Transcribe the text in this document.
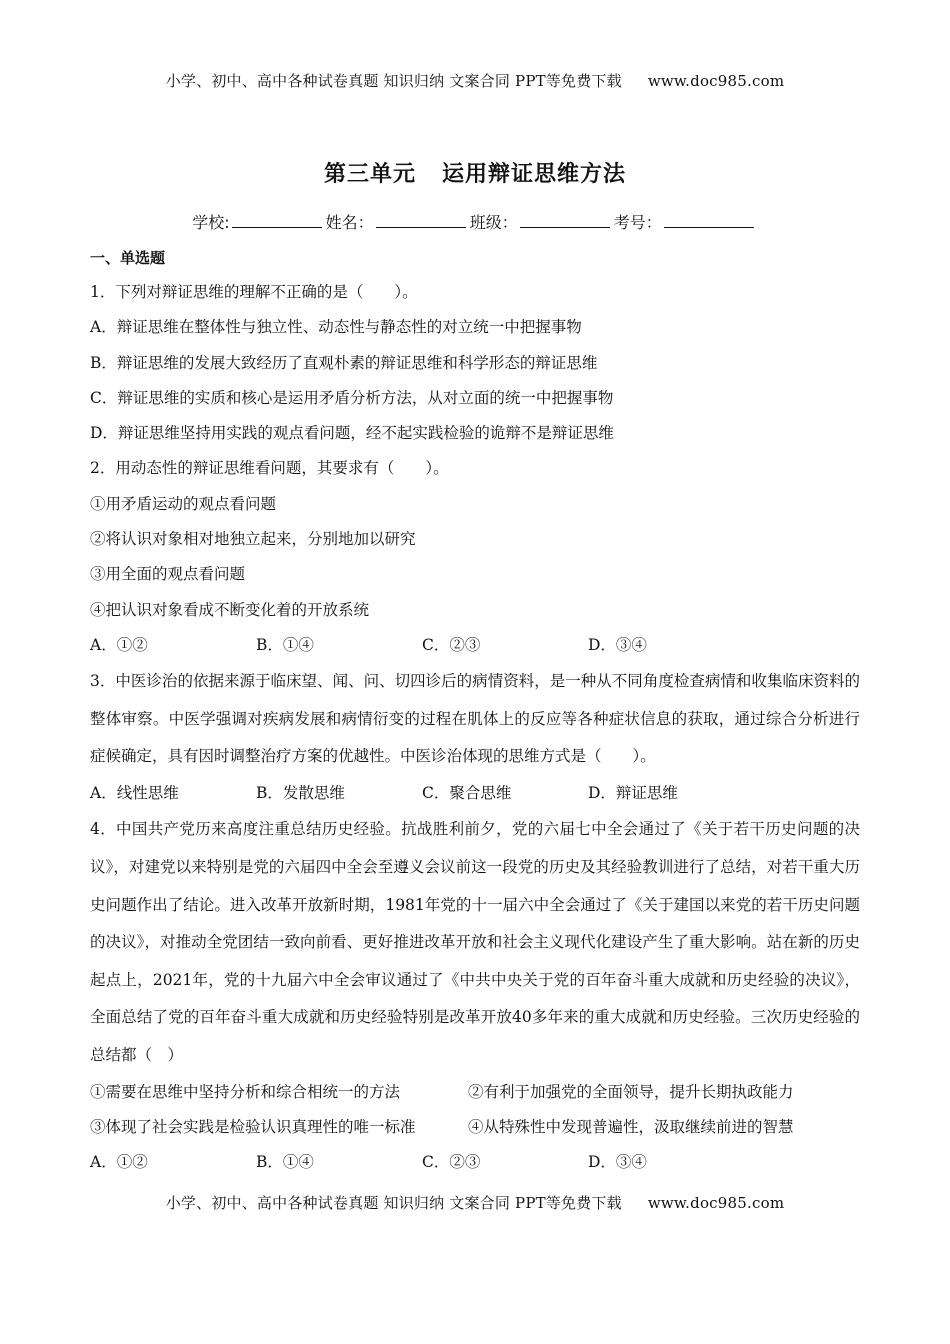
小学、初中、高中各种试卷真题 知识归纳 文案合同 PPT等免费下载 www.doc985.com
第三单元 运用辩证思维方法
学校:	姓名：	班级：	考号：
一、单选题
1．下列对辩证思维的理解不正确的是（　　）。
A．辩证思维在整体性与独立性、动态性与静态性的对立统一中把握事物
B．辩证思维的发展大致经历了直观朴素的辩证思维和科学形态的辩证思维
C．辩证思维的实质和核心是运用矛盾分析方法，从对立面的统一中把握事物
D．辩证思维坚持用实践的观点看问题，经不起实践检验的诡辩不是辩证思维
2．用动态性的辩证思维看问题，其要求有（　　）。
①用矛盾运动的观点看问题
②将认识对象相对地独立起来，分别地加以研究
③用全面的观点看问题
④把认识对象看成不断变化着的开放系统
A．①②	B．①④	C．②③	D．③④
3．中医诊治的依据来源于临床望、闻、问、切四诊后的病情资料，是一种从不同角度检查病情和收集临床资料的整体审察。中医学强调对疾病发展和病情衍变的过程在肌体上的反应等各种症状信息的获取，通过综合分析进行症候确定，具有因时调整治疗方案的优越性。中医诊治体现的思维方式是（　　）。
A．线性思维	B．发散思维	C．聚合思维	D．辩证思维
4．中国共产党历来高度注重总结历史经验。抗战胜利前夕，党的六届七中全会通过了《关于若干历史问题的决议》，对建党以来特别是党的六届四中全会至遵义会议前这一段党的历史及其经验教训进行了总结，对若干重大历史问题作出了结论。进入改革开放新时期，1981年党的十一届六中全会通过了《关于建国以来党的若干历史问题的决议》，对推动全党团结一致向前看、更好推进改革开放和社会主义现代化建设产生了重大影响。站在新的历史起点上，2021年，党的十九届六中全会审议通过了《中共中央关于党的百年奋斗重大成就和历史经验的决议》，全面总结了党的百年奋斗重大成就和历史经验特别是改革开放40多年来的重大成就和历史经验。三次历史经验的总结都（　）
①需要在思维中坚持分析和综合相统一的方法	②有利于加强党的全面领导，提升长期执政能力
③体现了社会实践是检验认识真理性的唯一标准	④从特殊性中发现普遍性，汲取继续前进的智慧
A．①②	B．①④	C．②③	D．③④
小学、初中、高中各种试卷真题 知识归纳 文案合同 PPT等免费下载 www.doc985.com
